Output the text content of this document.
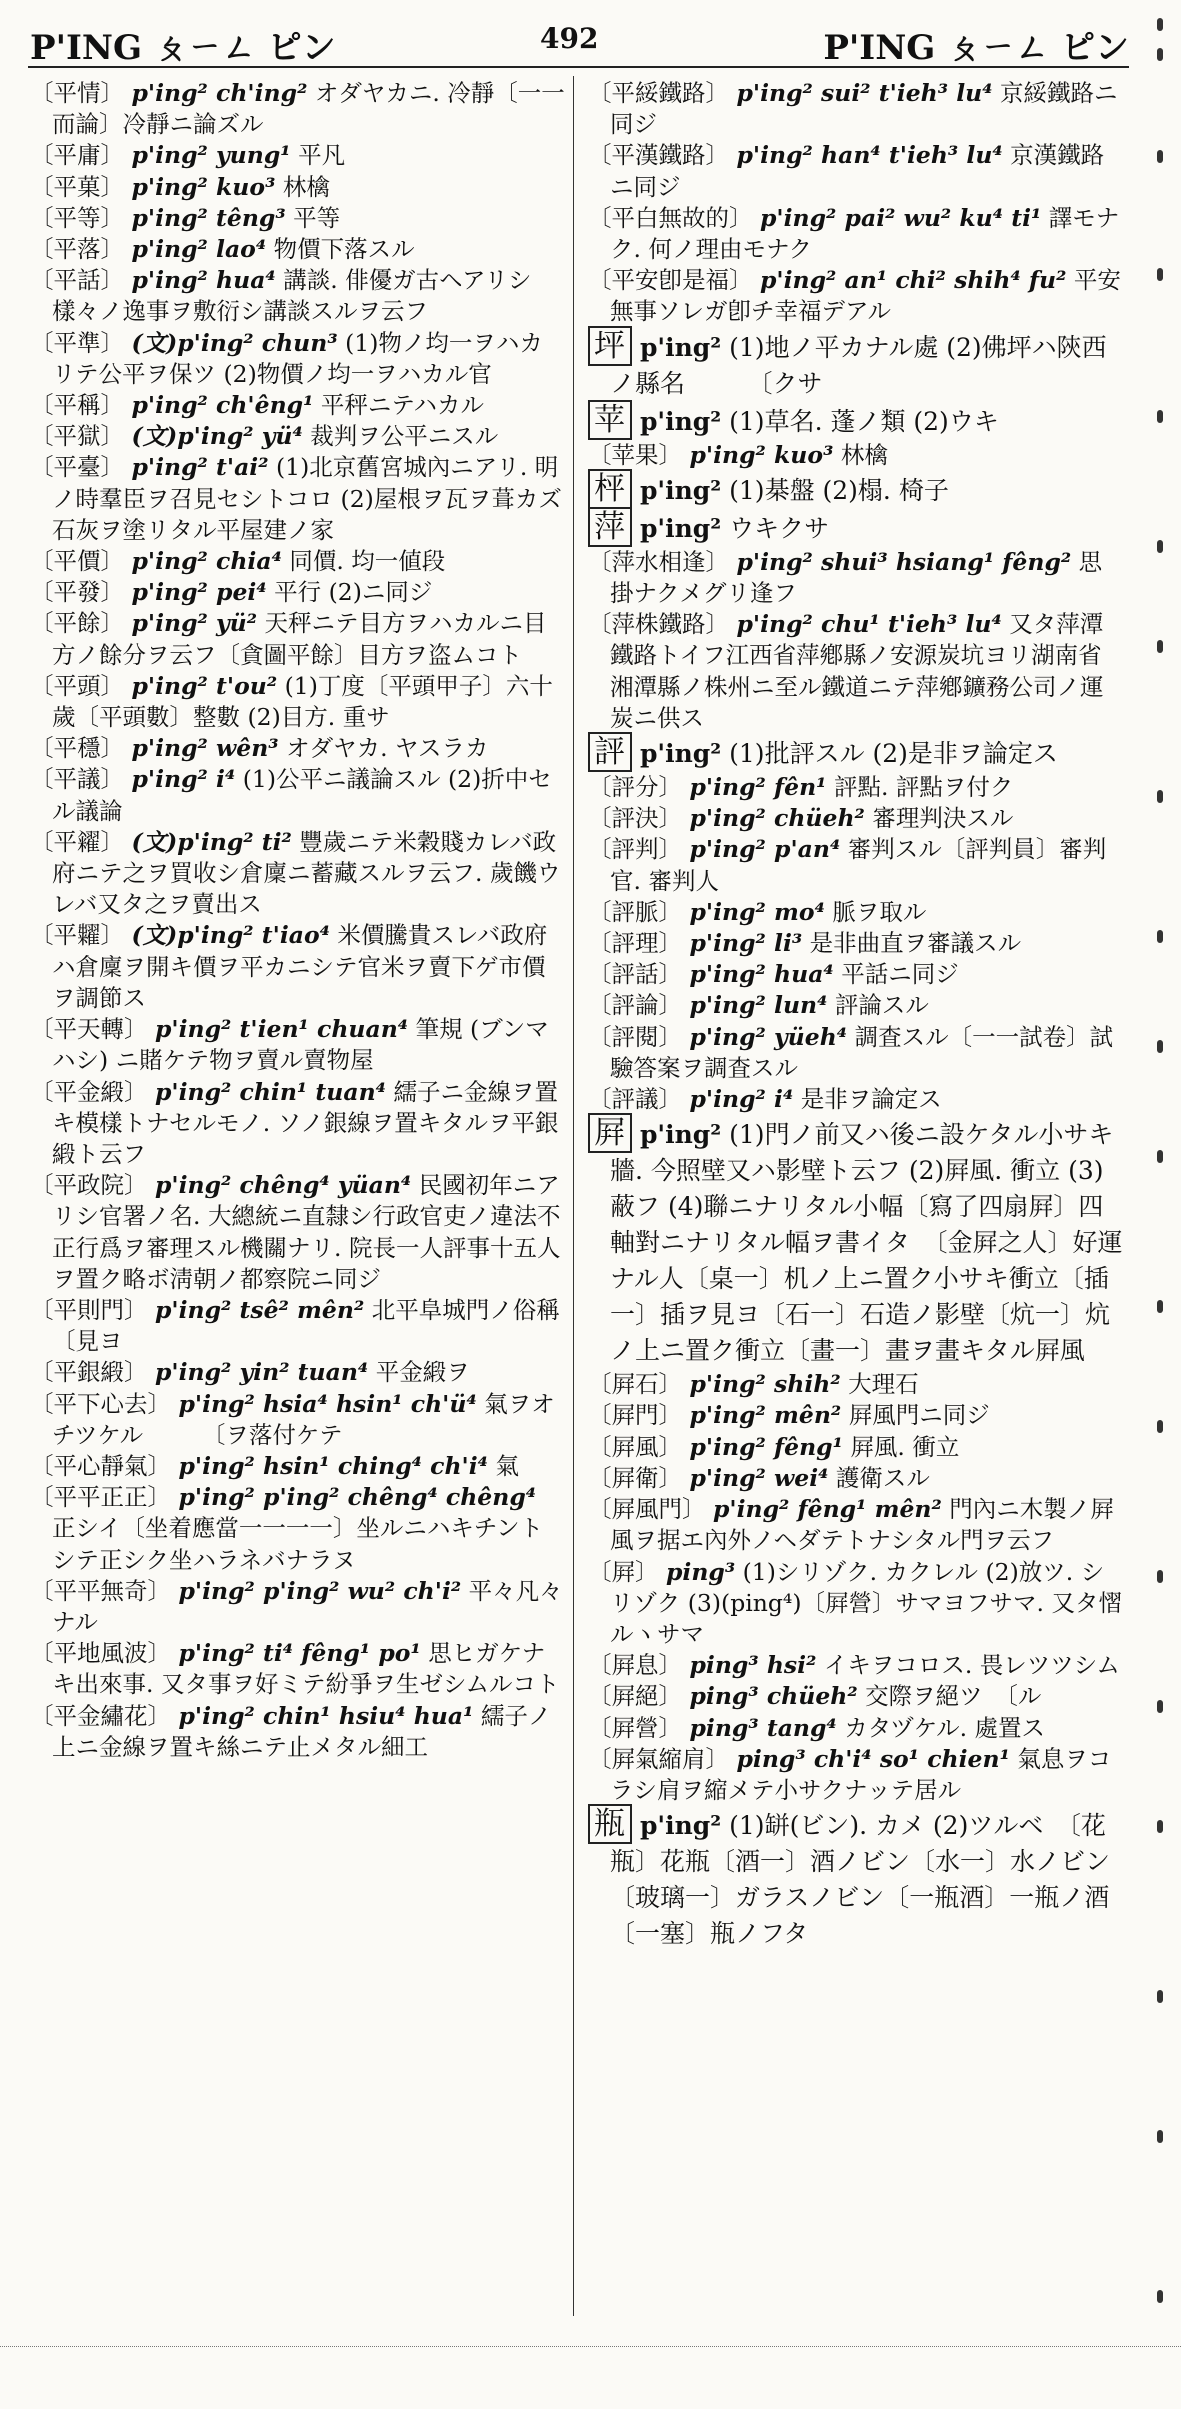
P'ING ㄆㄧㄥ ピン	492	P'ING ㄆㄧㄥ ピン
〔平情〕 p'ing² ch'ing² オダヤカニ. 冷靜〔一一而論〕冷靜ニ論ズル
〔平庸〕 p'ing² yung¹ 平凡
〔平菓〕 p'ing² kuo³ 林檎
〔平等〕 p'ing² têng³ 平等
〔平落〕 p'ing² lao⁴ 物價下落スル
〔平話〕 p'ing² hua⁴ 講談. 俳優ガ古ヘアリシ樣々ノ逸事ヲ敷衍シ講談スルヲ云フ
〔平準〕 (文)p'ing² chun³ (1)物ノ均一ヲハカリテ公平ヲ保ツ (2)物價ノ均一ヲハカル官
〔平稱〕 p'ing² ch'êng¹ 平秤ニテハカル
〔平獄〕 (文)p'ing² yü⁴ 裁判ヲ公平ニスル
〔平臺〕 p'ing² t'ai² (1)北京舊宮城內ニアリ. 明ノ時羣臣ヲ召見セシトコロ (2)屋根ヲ瓦ヲ葺カズ石灰ヲ塗リタル平屋建ノ家
〔平價〕 p'ing² chia⁴ 同價. 均一値段
〔平發〕 p'ing² pei⁴ 平行 (2)ニ同ジ
〔平餘〕 p'ing² yü² 天秤ニテ目方ヲハカルニ目方ノ餘分ヲ云フ〔貪圖平餘〕目方ヲ盗ムコト
〔平頭〕 p'ing² t'ou² (1)丁度〔平頭甲子〕六十歲〔平頭數〕整數 (2)目方. 重サ
〔平穩〕 p'ing² wên³ オダヤカ. ヤスラカ
〔平議〕 p'ing² i⁴ (1)公平ニ議論スル (2)折中セル議論
〔平糴〕 (文)p'ing² ti² 豐歲ニテ米穀賤カレバ政府ニテ之ヲ買收シ倉廩ニ蓄藏スルヲ云フ. 歲饑ウレバ又タ之ヲ賣出ス
〔平糶〕 (文)p'ing² t'iao⁴ 米價騰貴スレバ政府ハ倉廩ヲ開キ價ヲ平カニシテ官米ヲ賣下ゲ市價ヲ調節ス
〔平天轉〕 p'ing² t'ien¹ chuan⁴ 筆規 (ブンマハシ) ニ賭ケテ物ヲ賣ル賣物屋
〔平金緞〕 p'ing² chin¹ tuan⁴ 繻子ニ金線ヲ置キ模樣トナセルモノ. ソノ銀線ヲ置キタルヲ平銀緞ト云フ
〔平政院〕 p'ing² chêng⁴ yüan⁴ 民國初年ニアリシ官署ノ名. 大總統ニ直隸シ行政官吏ノ違法不正行爲ヲ審理スル機關ナリ. 院長一人評事十五人ヲ置ク略ボ淸朝ノ都察院ニ同ジ
〔平則門〕 p'ing² tsê² mên² 北平阜城門ノ俗稱　　　〔見ヨ
〔平銀緞〕 p'ing² yin² tuan⁴ 平金緞ヲ
〔平下心去〕 p'ing² hsia⁴ hsin¹ ch'ü⁴ 氣ヲオチツケル　　　〔ヲ落付ケテ
〔平心靜氣〕 p'ing² hsin¹ ching⁴ ch'i⁴ 氣
〔平平正正〕 p'ing² p'ing² chêng⁴ chêng⁴ 正シイ〔坐着應當一一一一〕坐ルニハキチントシテ正シク坐ハラネバナラヌ
〔平平無奇〕 p'ing² p'ing² wu² ch'i² 平々凡々ナル
〔平地風波〕 p'ing² ti⁴ fêng¹ po¹ 思ヒガケナキ出來事. 又タ事ヲ好ミテ紛爭ヲ生ゼシムルコト
〔平金繡花〕 p'ing² chin¹ hsiu⁴ hua¹ 繻子ノ上ニ金線ヲ置キ絲ニテ止メタル細工
〔平綏鐵路〕 p'ing² sui² t'ieh³ lu⁴ 京綏鐵路ニ同ジ
〔平漢鐵路〕 p'ing² han⁴ t'ieh³ lu⁴ 京漢鐵路ニ同ジ
〔平白無故的〕 p'ing² pai² wu² ku⁴ ti¹ 譯モナク. 何ノ理由モナク
〔平安卽是福〕 p'ing² an¹ chi² shih⁴ fu² 平安無事ソレガ卽チ幸福デアル
坪 p'ing² (1)地ノ平カナル處 (2)佛坪ハ陝西ノ縣名　　　〔クサ
苹 p'ing² (1)草名. 蓬ノ類 (2)ウキ
〔苹果〕 p'ing² kuo³ 林檎
枰 p'ing² (1)棊盤 (2)榻. 椅子
萍 p'ing² ウキクサ
〔萍水相逢〕 p'ing² shui³ hsiang¹ fêng² 思掛ナクメグリ逢フ
〔萍株鐵路〕 p'ing² chu¹ t'ieh³ lu⁴ 又タ萍潭鐵路トイフ江西省萍鄕縣ノ安源炭坑ヨリ湖南省湘潭縣ノ株州ニ至ル鐵道ニテ萍鄕鑛務公司ノ運炭ニ供ス
評 p'ing² (1)批評スル (2)是非ヲ論定ス
〔評分〕 p'ing² fên¹ 評點. 評點ヲ付ク
〔評決〕 p'ing² chüeh² 審理判決スル
〔評判〕 p'ing² p'an⁴ 審判スル〔評判員〕審判官. 審判人
〔評脈〕 p'ing² mo⁴ 脈ヲ取ル
〔評理〕 p'ing² li³ 是非曲直ヲ審議スル
〔評話〕 p'ing² hua⁴ 平話ニ同ジ
〔評論〕 p'ing² lun⁴ 評論スル
〔評閱〕 p'ing² yüeh⁴ 調査スル〔一一試卷〕試驗答案ヲ調査スル
〔評議〕 p'ing² i⁴ 是非ヲ論定ス
屛 p'ing² (1)門ノ前又ハ後ニ設ケタル小サキ牆. 今照壁又ハ影壁ト云フ (2)屛風. 衝立 (3)蔽フ (4)聯ニナリタル小幅〔寫了四扇屛〕四軸對ニナリタル幅ヲ書イタ　〔金屛之人〕好運ナル人〔桌一〕机ノ上ニ置ク小サキ衝立〔插一〕插ヲ見ヨ〔石一〕石造ノ影壁〔炕一〕炕ノ上ニ置ク衝立〔畫一〕畫ヲ畫キタル屛風
〔屛石〕 p'ing² shih² 大理石
〔屛門〕 p'ing² mên² 屛風門ニ同ジ
〔屛風〕 p'ing² fêng¹ 屛風. 衝立
〔屛衛〕 p'ing² wei⁴ 護衛スル
〔屛風門〕 p'ing² fêng¹ mên² 門內ニ木製ノ屛風ヲ据エ內外ノヘダテトナシタル門ヲ云フ
〔屛〕 ping³ (1)シリゾク. カクレル (2)放ツ. シリゾク (3)(ping⁴)〔屛營〕サマヨフサマ. 又タ慴ルヽサマ
〔屛息〕 ping³ hsi² イキヲコロス. 畏レツツシム
〔屛絕〕 ping³ chüeh² 交際ヲ絕ツ　〔ル
〔屛營〕 ping³ tang⁴ カタヅケル. 處置ス
〔屛氣縮肩〕 ping³ ch'i⁴ so¹ chien¹ 氣息ヲコラシ肩ヲ縮メテ小サクナッテ居ル
瓶 p'ing² (1)缾(ビン). カメ (2)ツルベ　〔花瓶〕花瓶〔酒一〕酒ノビン〔水一〕水ノビン〔玻璃一〕ガラスノビン〔一瓶酒〕一瓶ノ酒〔一塞〕瓶ノフタ
